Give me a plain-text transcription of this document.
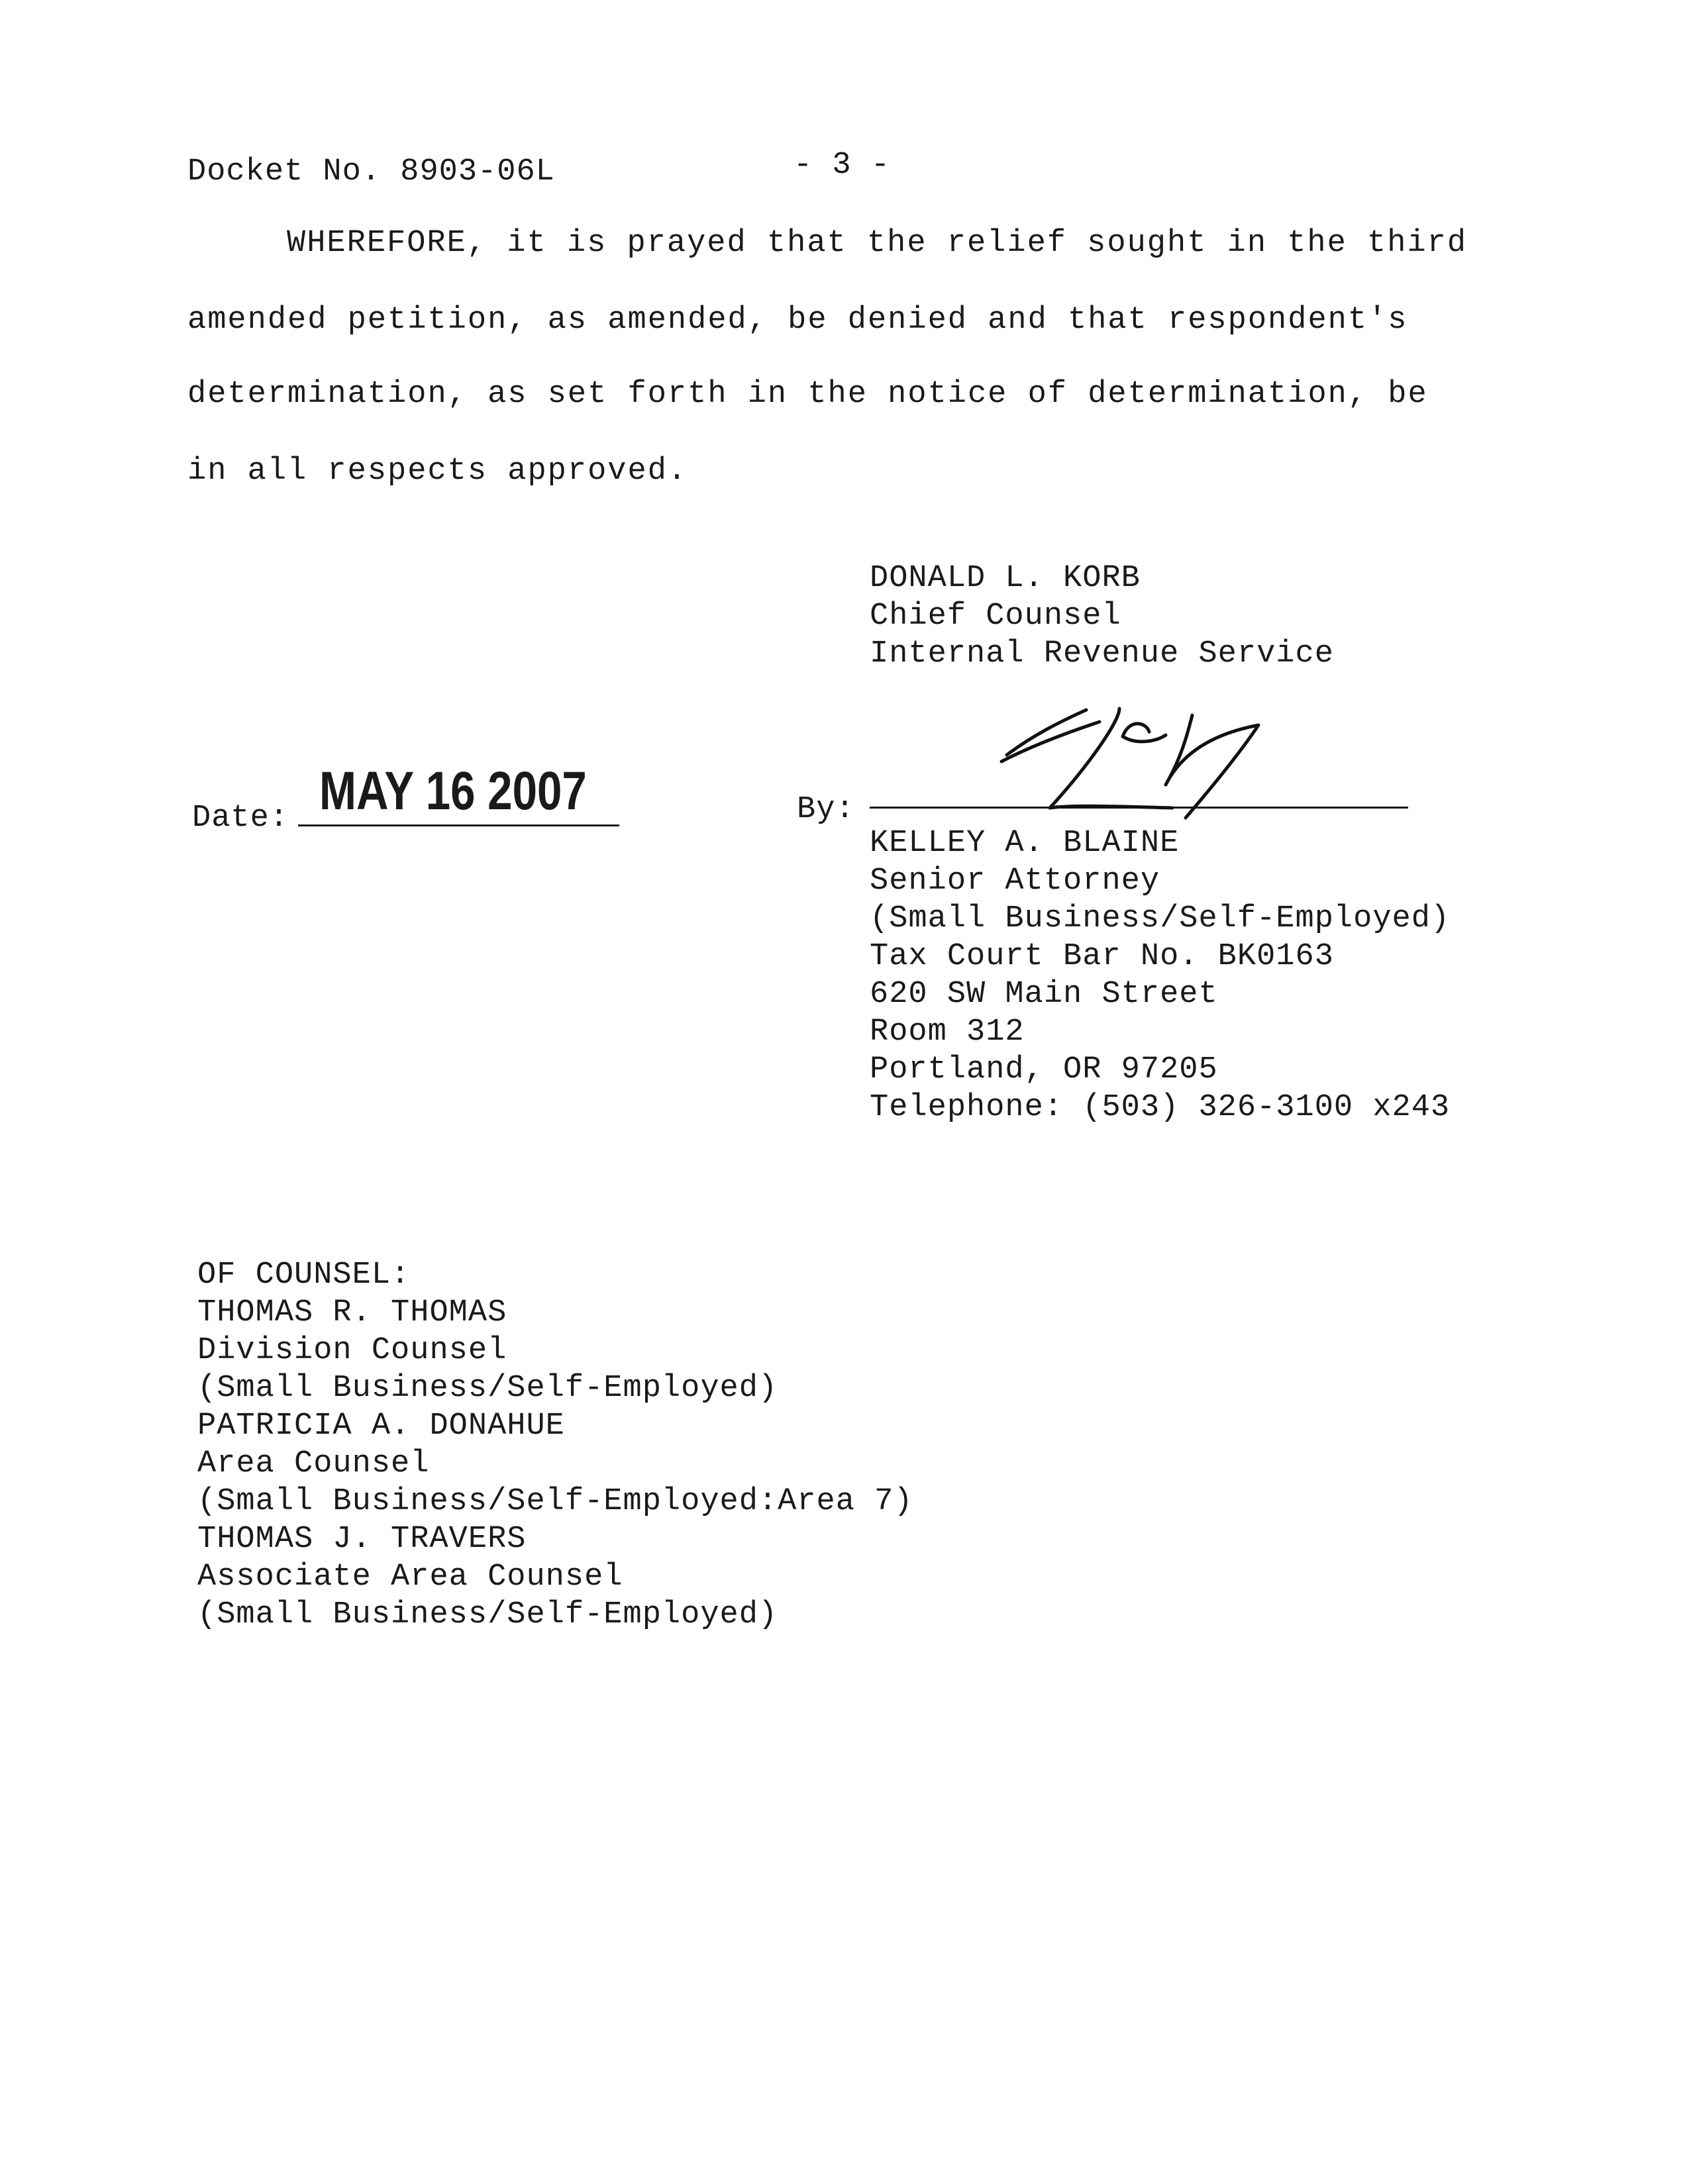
Docket No. 8903-06L	- 3 -
WHEREFORE, it is prayed that the relief sought in the third
amended petition, as amended, be denied and that respondent's
determination, as set forth in the notice of determination, be
in all respects approved.
DONALD L. KORB
Chief Counsel
Internal Revenue Service
Date: MAY 16 2007	By:
KELLEY A. BLAINE
Senior Attorney
(Small Business/Self-Employed)
Tax Court Bar No. BK0163
620 SW Main Street
Room 312
Portland, OR 97205
Telephone: (503) 326-3100 x243
OF COUNSEL:
THOMAS R. THOMAS
Division Counsel
(Small Business/Self-Employed)
PATRICIA A. DONAHUE
Area Counsel
(Small Business/Self-Employed:Area 7)
THOMAS J. TRAVERS
Associate Area Counsel
(Small Business/Self-Employed)
